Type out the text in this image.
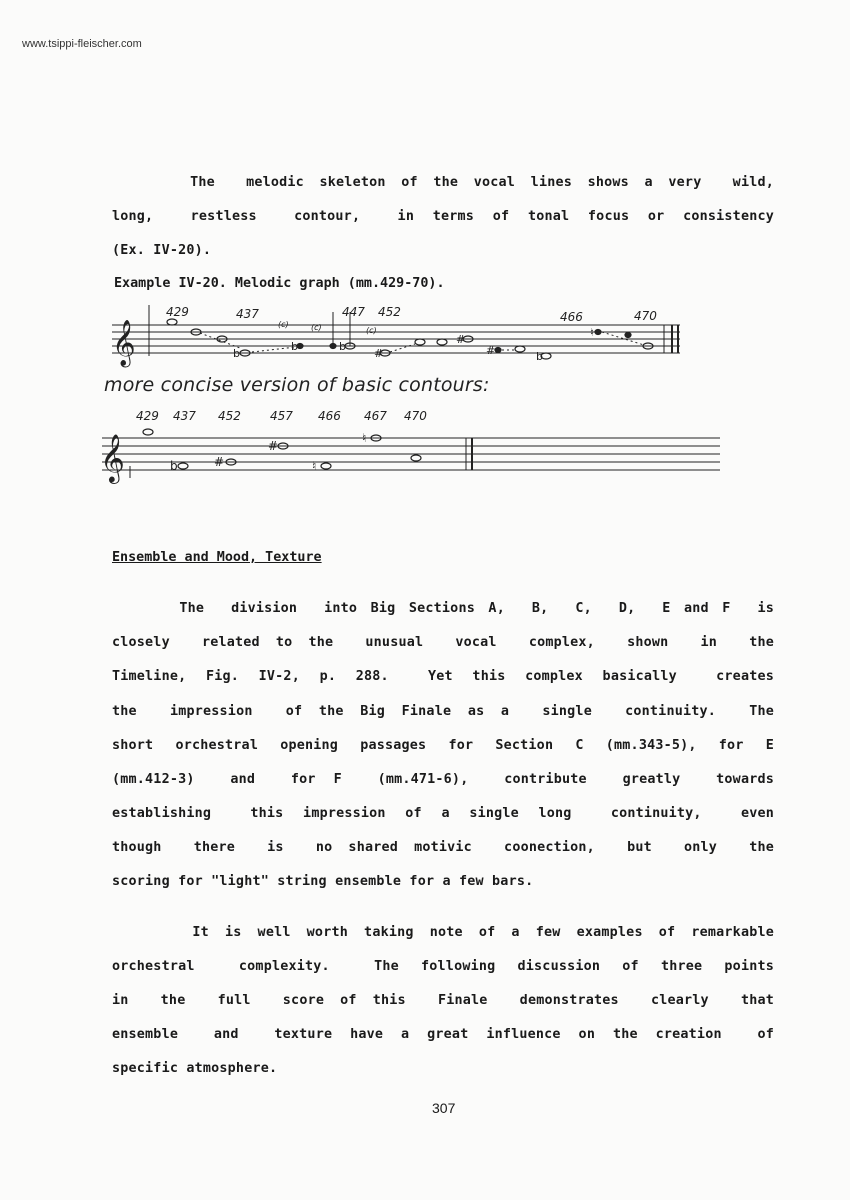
www.tsippi-fleischer.com
The  melodic skeleton of the vocal lines shows a very  wild,
long,  restless  contour,  in terms of tonal focus or consistency
(Ex. IV-20).
Example IV-20. Melodic graph (mm.429-70).
𝄞	b
b	b
#
#
#	b
♮
429	437
(c)	(c)
447 452
(c)
466	470
more concise version of basic contours:
𝄞	b	#
#
♮
♮
429 437 452 457 466 467 470
Ensemble and Mood, Texture
The  division  into Big Sections A,  B,  C,  D,  E and F  is
closely  related to the  unusual  vocal  complex,  shown  in  the
Timeline, Fig. IV-2, p. 288.  Yet this complex basically  creates
the  impression  of the Big Finale as a  single  continuity.  The
short orchestral opening passages for Section C (mm.343-5), for E
(mm.412-3)  and  for F  (mm.471-6),  contribute  greatly  towards
establishing  this impression of a single long  continuity,  even
though  there  is  no shared motivic  coonection,  but  only  the
scoring for "light" string ensemble for a few bars.
It is well worth taking note of a few examples of remarkable
orchestral  complexity.  The following discussion of three points
in  the  full  score of this  Finale  demonstrates  clearly  that
ensemble  and  texture have a great influence on the creation  of
specific atmosphere.
307
